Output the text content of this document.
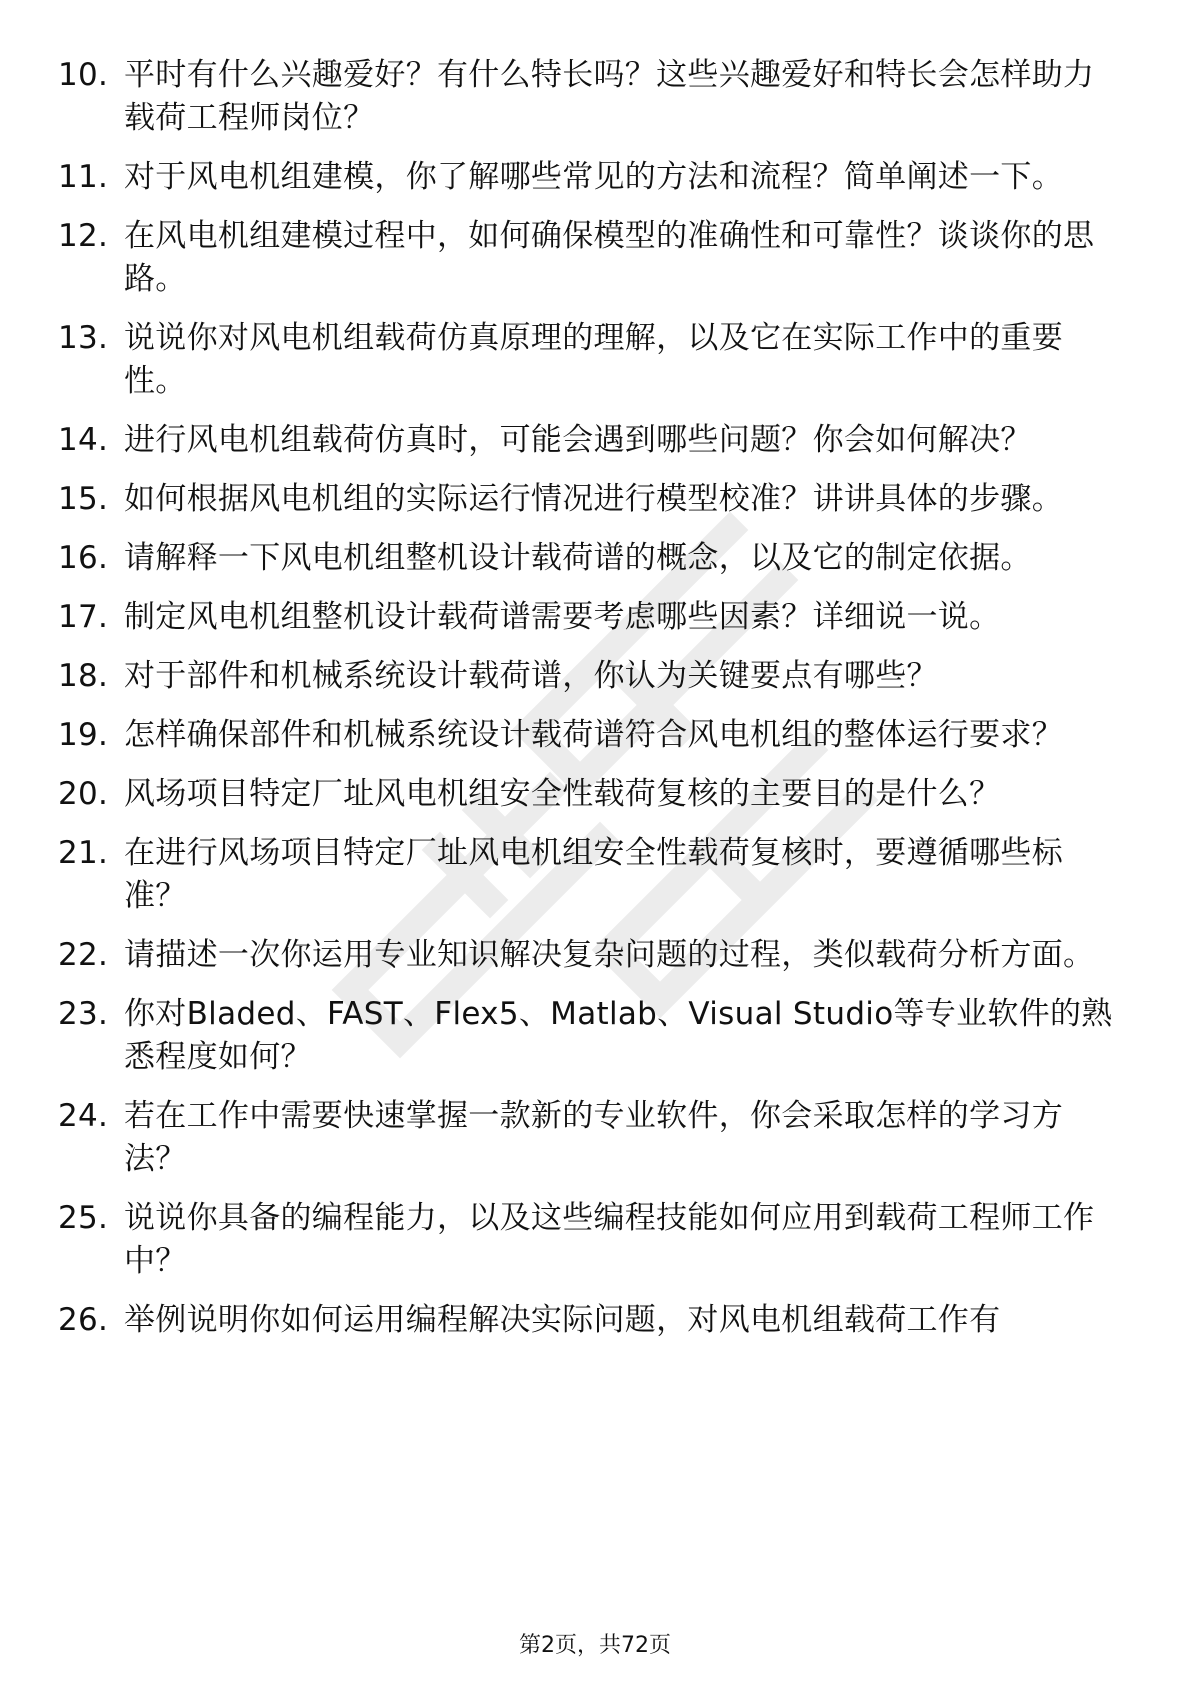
10. 平时有什么兴趣爱好？有什么特长吗？这些兴趣爱好和特长会怎样助力载荷工程师岗位？
11. 对于风电机组建模，你了解哪些常见的方法和流程？简单阐述一下。
12. 在风电机组建模过程中，如何确保模型的准确性和可靠性？谈谈你的思路。
13. 说说你对风电机组载荷仿真原理的理解，以及它在实际工作中的重要性。
14. 进行风电机组载荷仿真时，可能会遇到哪些问题？你会如何解决？
15. 如何根据风电机组的实际运行情况进行模型校准？讲讲具体的步骤。
16. 请解释一下风电机组整机设计载荷谱的概念，以及它的制定依据。
17. 制定风电机组整机设计载荷谱需要考虑哪些因素？详细说一说。
18. 对于部件和机械系统设计载荷谱，你认为关键要点有哪些？
19. 怎样确保部件和机械系统设计载荷谱符合风电机组的整体运行要求？
20. 风场项目特定厂址风电机组安全性载荷复核的主要目的是什么？
21. 在进行风场项目特定厂址风电机组安全性载荷复核时，要遵循哪些标准？
22. 请描述一次你运用专业知识解决复杂问题的过程，类似载荷分析方面。
23. 你对Bladed、FAST、Flex5、Matlab、Visual Studio等专业软件的熟悉程度如何？
24. 若在工作中需要快速掌握一款新的专业软件，你会采取怎样的学习方法？
25. 说说你具备的编程能力，以及这些编程技能如何应用到载荷工程师工作中？
26. 举例说明你如何运用编程解决实际问题，对风电机组载荷工作有
第2页，共72页
